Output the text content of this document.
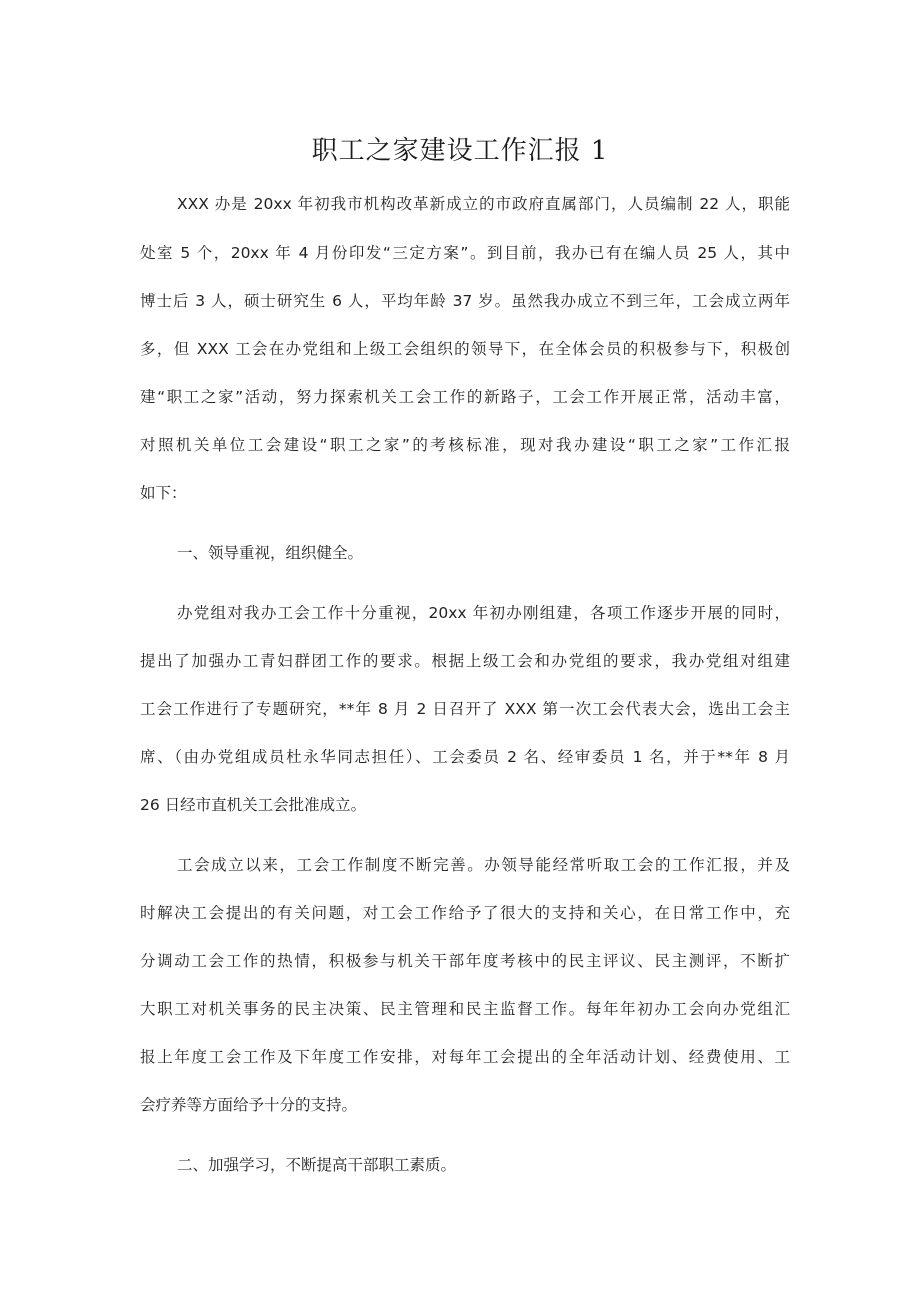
职工之家建设工作汇报 1

XXX 办是 20xx 年初我市机构改革新成立的市政府直属部门，人员编制 22 人，职能

处室 5 个，20xx 年 4 月份印发“三定方案”。到目前，我办已有在编人员 25 人，其中

博士后 3 人，硕士研究生 6 人，平均年龄 37 岁。虽然我办成立不到三年，工会成立两年

多，但 XXX 工会在办党组和上级工会组织的领导下，在全体会员的积极参与下，积极创

建“职工之家”活动，努力探索机关工会工作的新路子，工会工作开展正常，活动丰富，

对照机关单位工会建设“职工之家”的考核标准，现对我办建设“职工之家”工作汇报

如下：

一、领导重视，组织健全。

办党组对我办工会工作十分重视，20xx 年初办刚组建，各项工作逐步开展的同时，

提出了加强办工青妇群团工作的要求。根据上级工会和办党组的要求，我办党组对组建

工会工作进行了专题研究，**年 8 月 2 日召开了 XXX 第一次工会代表大会，选出工会主

席、（由办党组成员杜永华同志担任）、工会委员 2 名、经审委员 1 名，并于**年 8 月

26 日经市直机关工会批准成立。

工会成立以来，工会工作制度不断完善。办领导能经常听取工会的工作汇报，并及

时解决工会提出的有关问题，对工会工作给予了很大的支持和关心，在日常工作中，充

分调动工会工作的热情，积极参与机关干部年度考核中的民主评议、民主测评，不断扩

大职工对机关事务的民主决策、民主管理和民主监督工作。每年年初办工会向办党组汇

报上年度工会工作及下年度工作安排，对每年工会提出的全年活动计划、经费使用、工

会疗养等方面给予十分的支持。

二、加强学习，不断提高干部职工素质。
